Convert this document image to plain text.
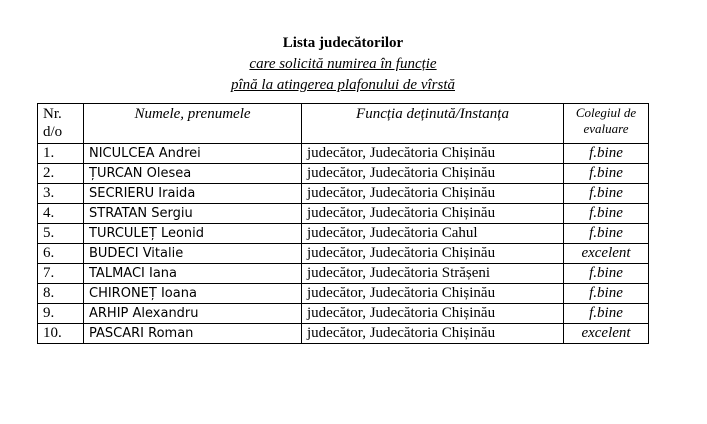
Lista judecătorilor
care solicită numirea în funcție
pînă la atingerea plafonului de vîrstă
Nr. d/o	Numele, prenumele	Funcția deținută/Instanța	Colegiul de evaluare
1.	NICULCEA Andrei	judecător, Judecătoria Chișinău	f.bine
2.	ȚURCAN Olesea	judecător, Judecătoria Chișinău	f.bine
3.	SECRIERU Iraida	judecător, Judecătoria Chișinău	f.bine
4.	STRATAN Sergiu	judecător, Judecătoria Chișinău	f.bine
5.	TURCULEȚ Leonid	judecător, Judecătoria Cahul	f.bine
6.	BUDECI Vitalie	judecător, Judecătoria Chișinău	excelent
7.	TALMACI Iana	judecător, Judecătoria Strășeni	f.bine
8.	CHIRONEȚ Ioana	judecător, Judecătoria Chișinău	f.bine
9.	ARHIP Alexandru	judecător, Judecătoria Chișinău	f.bine
10.	PASCARI Roman	judecător, Judecătoria Chișinău	excelent
